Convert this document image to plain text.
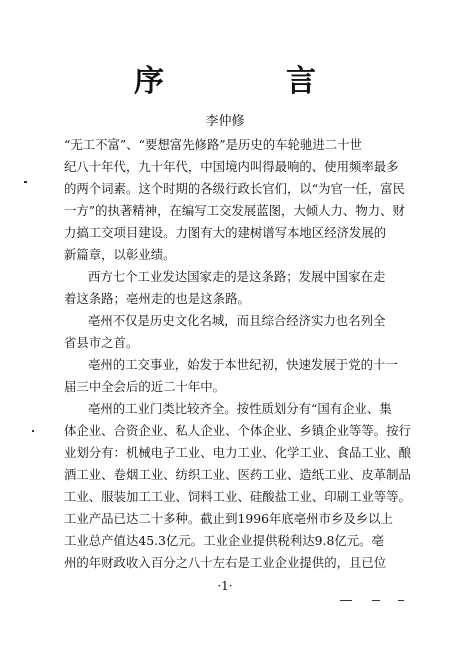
序　言
李仲修
“无工不富”、“要想富先修路”是历史的车轮驰进二十世
纪八十年代，九十年代，中国境内叫得最响的、使用频率最多
的两个词素。这个时期的各级行政长官们，以“为官一任，富民
一方”的执著精神，在编写工交发展蓝图，大倾人力、物力、财
力搞工交项目建设。力图有大的建树谱写本地区经济发展的
新篇章，以彰业绩。
西方七个工业发达国家走的是这条路；发展中国家在走
着这条路；亳州走的也是这条路。
亳州不仅是历史文化名城，而且综合经济实力也名列全
省县市之首。
亳州的工交事业，始发于本世纪初，快速发展于党的十一
届三中全会后的近二十年中。
亳州的工业门类比较齐全。按性质划分有“国有企业、集
体企业、合资企业、私人企业、个体企业、乡镇企业等等。按行
业划分有：机械电子工业、电力工业、化学工业、食品工业、酿
酒工业、卷烟工业、纺织工业、医药工业、造纸工业、皮革制品
工业、服装加工工业、饲料工业、硅酸盐工业、印刷工业等等。
工业产品已达二十多种。截止到1996年底亳州市乡及乡以上
工业总产值达45.3亿元。工业企业提供税利达9.8亿元。亳
州的年财政收入百分之八十左右是工业企业提供的，且已位
·1·
